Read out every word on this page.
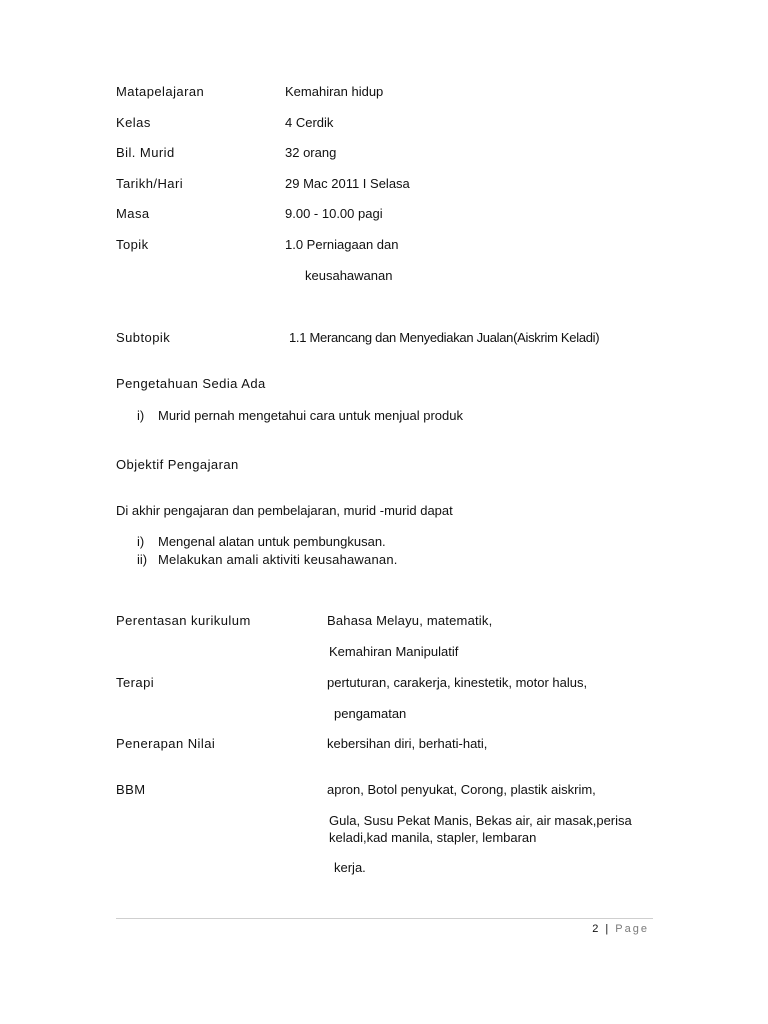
Matapelajaran	Kemahiran hidup
Kelas	4 Cerdik
Bil. Murid	32 orang
Tarikh/Hari	29 Mac 2011 I Selasa
Masa	9.00 - 10.00 pagi
Topik	1.0 Perniagaan dan
keusahawanan
Subtopik	1.1 Merancang dan Menyediakan Jualan(Aiskrim Keladi)
Pengetahuan Sedia Ada
i) Murid pernah mengetahui cara untuk menjual produk
Objektif Pengajaran
Di akhir pengajaran dan pembelajaran, murid -murid dapat
i) Mengenal alatan untuk pembungkusan.
ii) Melakukan amali aktiviti keusahawanan.
Perentasan kurikulum	Bahasa Melayu, matematik,
Kemahiran Manipulatif
Terapi	pertuturan, carakerja, kinestetik, motor halus,
pengamatan
Penerapan Nilai	kebersihan diri, berhati-hati,
BBM	apron, Botol penyukat, Corong, plastik aiskrim,
Gula, Susu Pekat Manis, Bekas air, air masak,perisa
keladi,kad manila, stapler, lembaran
kerja.
2 | Page
